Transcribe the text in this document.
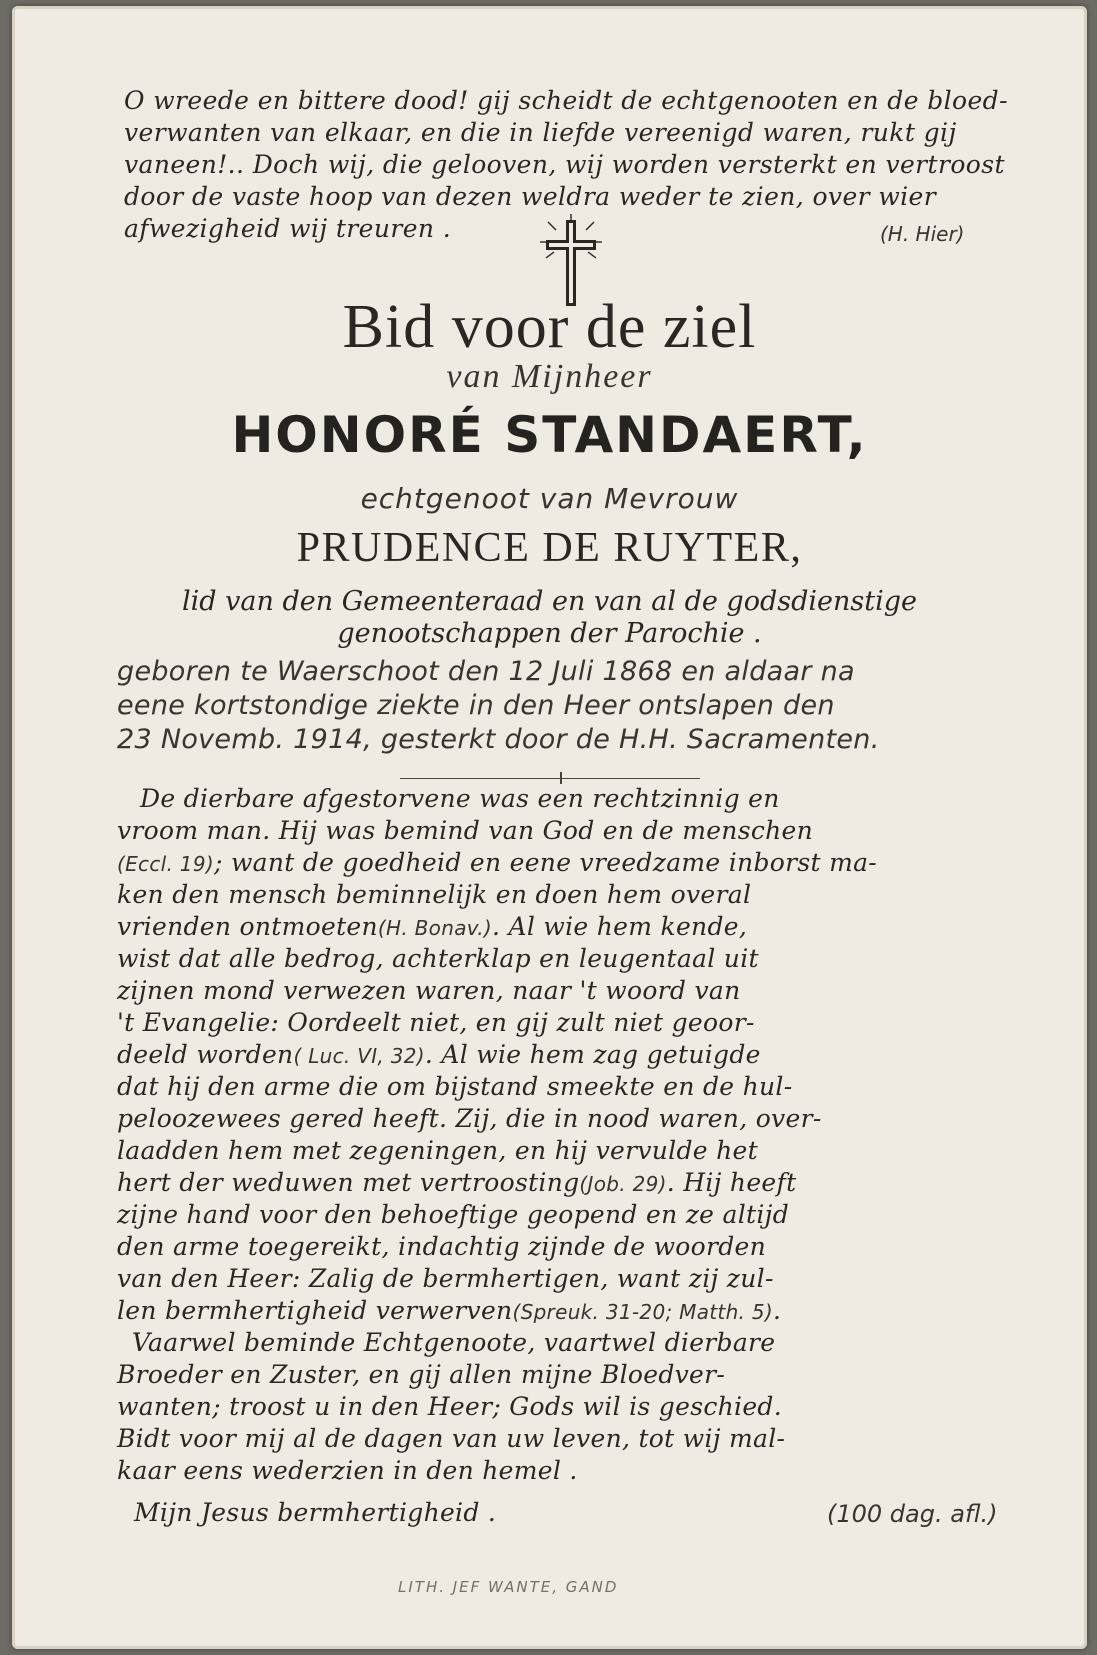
O wreede en bittere dood! gij scheidt de echtgenooten en de bloed-
verwanten van elkaar, en die in liefde vereenigd waren, rukt gij
vaneen!.. Doch wij, die gelooven, wij worden versterkt en vertroost
door de vaste hoop van dezen weldra weder te zien, over wier
afwezigheid wij treuren .	(H. Hier)
Bid voor de ziel
van Mijnheer
HONORÉ STANDAERT,
echtgenoot van Mevrouw
PRUDENCE DE RUYTER,
lid van den Gemeenteraad en van al de godsdienstige
genootschappen der Parochie .
geboren te Waerschoot den 12 Juli 1868 en aldaar na
eene kortstondige ziekte in den Heer ontslapen den
23 Novemb. 1914, gesterkt door de H.H. Sacramenten.
De dierbare afgestorvene was een rechtzinnig en
vroom man. Hij was bemind van God en de menschen
(Eccl. 19); want de goedheid en eene vreedzame inborst ma-
ken den mensch beminnelijk en doen hem overal
vrienden ontmoeten(H. Bonav.). Al wie hem kende,
wist dat alle bedrog, achterklap en leugentaal uit
zijnen mond verwezen waren, naar 't woord van
't Evangelie: Oordeelt niet, en gij zult niet geoor-
deeld worden( Luc. VI, 32). Al wie hem zag getuigde
dat hij den arme die om bijstand smeekte en de hul-
peloozewees gered heeft. Zij, die in nood waren, over-
laadden hem met zegeningen, en hij vervulde het
hert der weduwen met vertroosting(Job. 29). Hij heeft
zijne hand voor den behoeftige geopend en ze altijd
den arme toegereikt, indachtig zijnde de woorden
van den Heer: Zalig de bermhertigen, want zij zul-
len bermhertigheid verwerven(Spreuk. 31-20; Matth. 5).
Vaarwel beminde Echtgenoote, vaartwel dierbare
Broeder en Zuster, en gij allen mijne Bloedver-
wanten; troost u in den Heer; Gods wil is geschied.
Bidt voor mij al de dagen van uw leven, tot wij mal-
kaar eens wederzien in den hemel .
Mijn Jesus bermhertigheid .	(100 dag. afl.)
LITH. JEF WANTE, GAND
